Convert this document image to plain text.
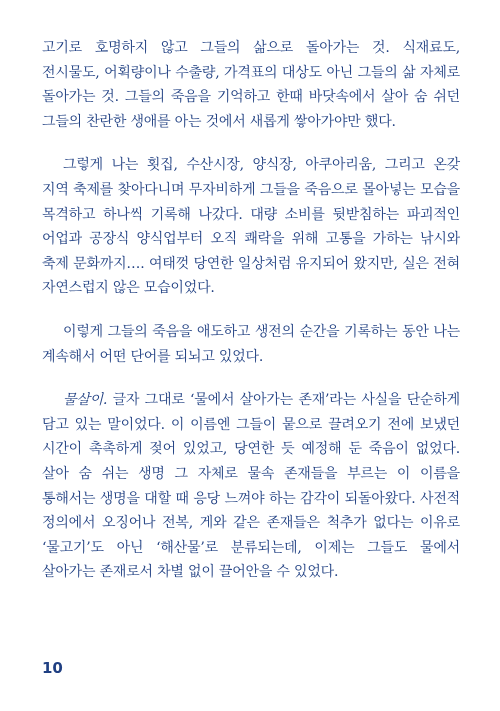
고기로 호명하지 않고 그들의 삶으로 돌아가는 것. 식재료도, 전시물도, 어획량이나 수출량, 가격표의 대상도 아닌 그들의 삶 자체로 돌아가는 것. 그들의 죽음을 기억하고 한때 바닷속에서 살아 숨 쉬던 그들의 찬란한 생애를 아는 것에서 새롭게 쌓아가야만 했다.

그렇게 나는 횟집, 수산시장, 양식장, 아쿠아리움, 그리고 온갖 지역 축제를 찾아다니며 무자비하게 그들을 죽음으로 몰아넣는 모습을 목격하고 하나씩 기록해 나갔다. 대량 소비를 뒷받침하는 파괴적인 어업과 공장식 양식업부터 오직 쾌락을 위해 고통을 가하는 낚시와 축제 문화까지…. 여태껏 당연한 일상처럼 유지되어 왔지만, 실은 전혀 자연스럽지 않은 모습이었다.

이렇게 그들의 죽음을 애도하고 생전의 순간을 기록하는 동안 나는 계속해서 어떤 단어를 되뇌고 있었다.

물살이. 글자 그대로 ‘물에서 살아가는 존재’라는 사실을 단순하게 담고 있는 말이었다. 이 이름엔 그들이 뭍으로 끌려오기 전에 보냈던 시간이 촉촉하게 젖어 있었고, 당연한 듯 예정해 둔 죽음이 없었다. 살아 숨 쉬는 생명 그 자체로 물속 존재들을 부르는 이 이름을 통해서는 생명을 대할 때 응당 느껴야 하는 감각이 되돌아왔다. 사전적 정의에서 오징어나 전복, 게와 같은 존재들은 척추가 없다는 이유로 ‘물고기’도 아닌 ‘해산물’로 분류되는데, 이제는 그들도 물에서 살아가는 존재로서 차별 없이 끌어안을 수 있었다.

10
